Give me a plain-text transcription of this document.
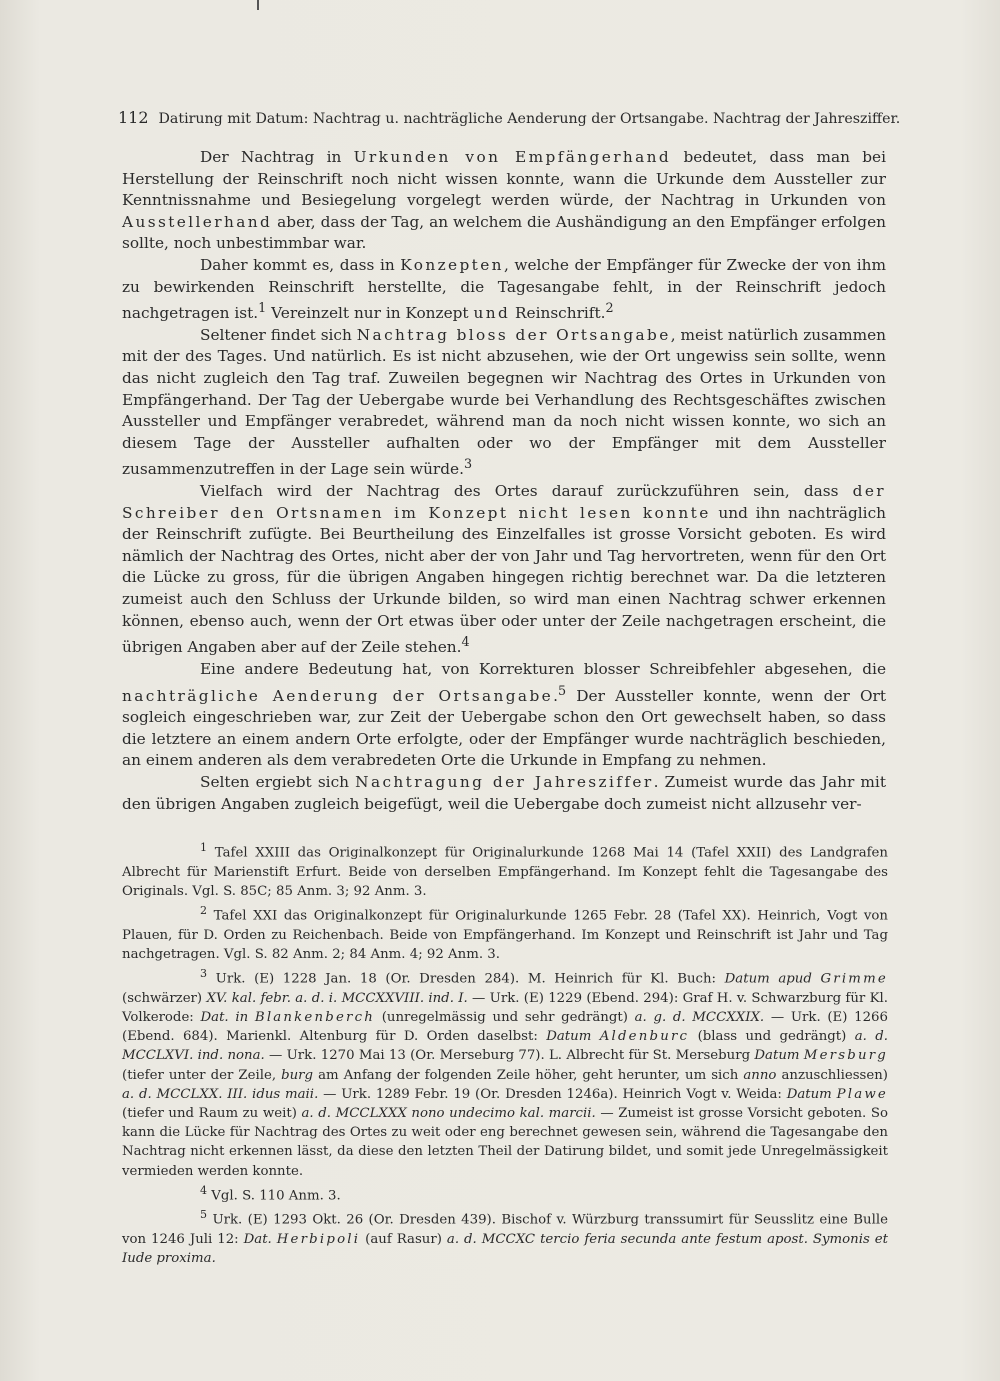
112 Datirung mit Datum: Nachtrag u. nachträgliche Aenderung der Ortsangabe. Nachtrag der Jahresziffer.

Der Nachtrag in Urkunden von Empfängerhand bedeutet, dass man bei Herstellung der Reinschrift noch nicht wissen konnte, wann die Urkunde dem Aussteller zur Kenntnissnahme und Besiegelung vorgelegt werden würde, der Nachtrag in Urkunden von Ausstellerhand aber, dass der Tag, an welchem die Aushändigung an den Empfänger erfolgen sollte, noch unbestimmbar war.

Daher kommt es, dass in Konzepten, welche der Empfänger für Zwecke der von ihm zu bewirkenden Reinschrift herstellte, die Tagesangabe fehlt, in der Reinschrift jedoch nachgetragen ist.$^1$ Vereinzelt nur in Konzept und Reinschrift.$^2$

Seltener findet sich Nachtrag bloss der Ortsangabe, meist natürlich zusammen mit der des Tages. Und natürlich. Es ist nicht abzusehen, wie der Ort ungewiss sein sollte, wenn das nicht zugleich den Tag traf. Zuweilen begegnen wir Nachtrag des Ortes in Urkunden von Empfängerhand. Der Tag der Uebergabe wurde bei Verhandlung des Rechtsgeschäftes zwischen Aussteller und Empfänger verabredet, während man da noch nicht wissen konnte, wo sich an diesem Tage der Aussteller aufhalten oder wo der Empfänger mit dem Aussteller zusammenzutreffen in der Lage sein würde.$^3$

Vielfach wird der Nachtrag des Ortes darauf zurückzuführen sein, dass der Schreiber den Ortsnamen im Konzept nicht lesen konnte und ihn nachträglich der Reinschrift zufügte. Bei Beurtheilung des Einzelfalles ist grosse Vorsicht geboten. Es wird nämlich der Nachtrag des Ortes, nicht aber der von Jahr und Tag hervortreten, wenn für den Ort die Lücke zu gross, für die übrigen Angaben hingegen richtig berechnet war. Da die letzteren zumeist auch den Schluss der Urkunde bilden, so wird man einen Nachtrag schwer erkennen können, ebenso auch, wenn der Ort etwas über oder unter der Zeile nachgetragen erscheint, die übrigen Angaben aber auf der Zeile stehen.$^4$

Eine andere Bedeutung hat, von Korrekturen blosser Schreibfehler abgesehen, die nachträgliche Aenderung der Ortsangabe.$^5$ Der Aussteller konnte, wenn der Ort sogleich eingeschrieben war, zur Zeit der Uebergabe schon den Ort gewechselt haben, so dass die letztere an einem andern Orte erfolgte, oder der Empfänger wurde nachträglich beschieden, an einem anderen als dem verabredeten Orte die Urkunde in Empfang zu nehmen.

Selten ergiebt sich Nachtragung der Jahresziffer. Zumeist wurde das Jahr mit den übrigen Angaben zugleich beigefügt, weil die Uebergabe doch zumeist nicht allzusehr ver-

$^1$ Tafel XXIII das Originalkonzept für Originalurkunde 1268 Mai 14 (Tafel XXII) des Landgrafen Albrecht für Marienstift Erfurt. Beide von derselben Empfängerhand. Im Konzept fehlt die Tagesangabe des Originals. Vgl. S. 85C; 85 Anm. 3; 92 Anm. 3.

$^2$ Tafel XXI das Originalkonzept für Originalurkunde 1265 Febr. 28 (Tafel XX). Heinrich, Vogt von Plauen, für D. Orden zu Reichenbach. Beide von Empfängerhand. Im Konzept und Reinschrift ist Jahr und Tag nachgetragen. Vgl. S. 82 Anm. 2; 84 Anm. 4; 92 Anm. 3.

$^3$ Urk. (E) 1228 Jan. 18 (Or. Dresden 284). M. Heinrich für Kl. Buch: Datum apud Grimme (schwärzer) XV. kal. febr. a. d. i. MCCXXVIII. ind. I. — Urk. (E) 1229 (Ebend. 294): Graf H. v. Schwarzburg für Kl. Volkerode: Dat. in Blankenberch (unregelmässig und sehr gedrängt) a. g. d. MCCXXIX. — Urk. (E) 1266 (Ebend. 684). Marienkl. Altenburg für D. Orden daselbst: Datum Aldenburc (blass und gedrängt) a. d. MCCLXVI. ind. nona. — Urk. 1270 Mai 13 (Or. Merseburg 77). L. Albrecht für St. Merseburg Datum Mersburg (tiefer unter der Zeile, burg am Anfang der folgenden Zeile höher, geht herunter, um sich anno anzuschliessen) a. d. MCCLXX. III. idus maii. — Urk. 1289 Febr. 19 (Or. Dresden 1246a). Heinrich Vogt v. Weida: Datum Plawe (tiefer und Raum zu weit) a. d. MCCLXXX nono undecimo kal. marcii. — Zumeist ist grosse Vorsicht geboten. So kann die Lücke für Nachtrag des Ortes zu weit oder eng berechnet gewesen sein, während die Tagesangabe den Nachtrag nicht erkennen lässt, da diese den letzten Theil der Datirung bildet, und somit jede Unregelmässigkeit vermieden werden konnte.

$^4$ Vgl. S. 110 Anm. 3.

$^5$ Urk. (E) 1293 Okt. 26 (Or. Dresden 439). Bischof v. Würzburg transsumirt für Seusslitz eine Bulle von 1246 Juli 12: Dat. Herbipoli (auf Rasur) a. d. MCCXC tercio feria secunda ante festum apost. Symonis et Iude proxima.
